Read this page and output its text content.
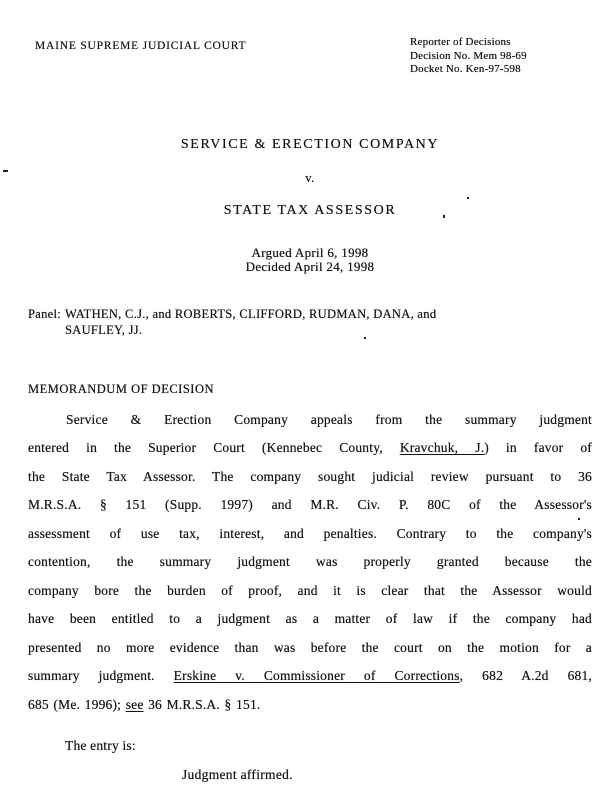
MAINE SUPREME JUDICIAL COURT	Reporter of Decisions
Decision No. Mem 98-69
Docket No. Ken-97-598
SERVICE & ERECTION COMPANY
v.
STATE TAX ASSESSOR
Argued April 6, 1998
Decided April 24, 1998
Panel: WATHEN, C.J., and ROBERTS, CLIFFORD, RUDMAN, DANA, and
SAUFLEY, JJ.
MEMORANDUM OF DECISION
Service & Erection Company appeals from the summary judgment
entered in the Superior Court (Kennebec County, Kravchuk, J.) in favor of
the State Tax Assessor. The company sought judicial review pursuant to 36
M.R.S.A. § 151 (Supp. 1997) and M.R. Civ. P. 80C of the Assessor's
assessment of use tax, interest, and penalties. Contrary to the company's
contention, the summary judgment was properly granted because the
company bore the burden of proof, and it is clear that the Assessor would
have been entitled to a judgment as a matter of law if the company had
presented no more evidence than was before the court on the motion for a
summary judgment. Erskine v. Commissioner of Corrections, 682 A.2d 681,
685 (Me. 1996); see 36 M.R.S.A. § 151.
The entry is:
Judgment affirmed.
